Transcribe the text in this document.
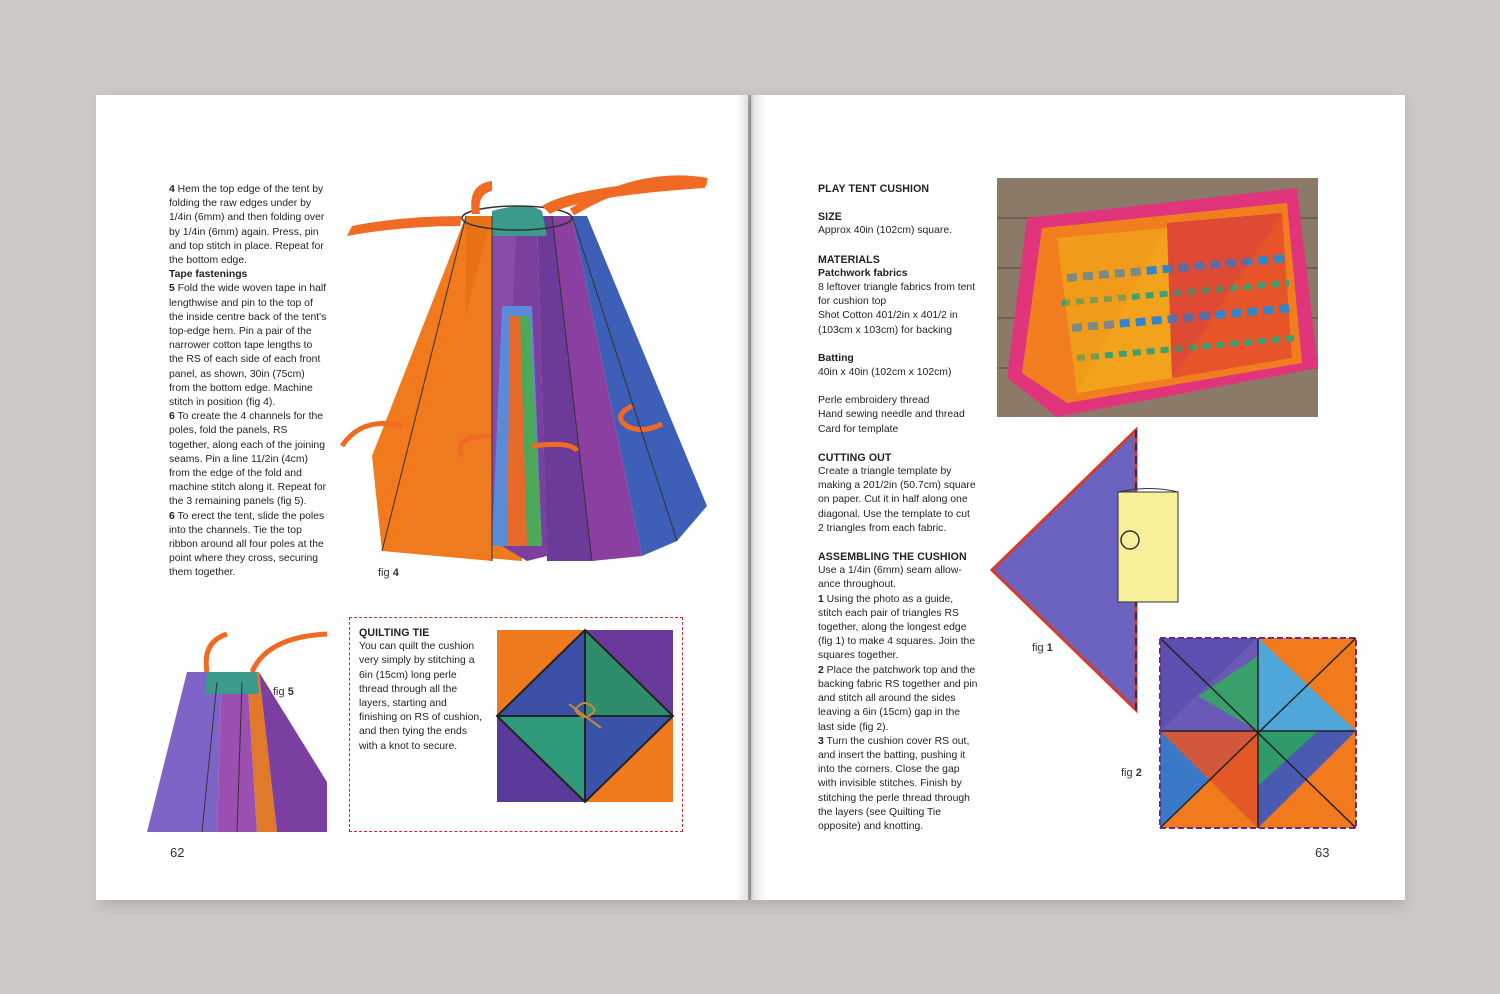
4 Hem the top edge of the tent by folding the raw edges under by 1/4in (6mm) and then folding over by 1/4in (6mm) again. Press, pin and top stitch in place. Repeat for the bottom edge.

Tape fastenings

5 Fold the wide woven tape in half lengthwise and pin to the top of the inside centre back of the tent's top-edge hem. Pin a pair of the narrower cotton tape lengths to the RS of each side of each front panel, as shown, 30in (75cm) from the bottom edge. Machine stitch in position (fig 4).

6 To create the 4 channels for the poles, fold the panels, RS together, along each of the joining seams. Pin a line 11/2in (4cm) from the edge of the fold and machine stitch along it. Repeat for the 3 remaining panels (fig 5).

6 To erect the tent, slide the poles into the channels. Tie the top ribbon around all four poles at the point where they cross, securing them together.	fig 4
fig 5

QUILTING TIE

You can quilt the cushion very simply by stitching a 6in (15cm) long perle thread through all the layers, starting and finishing on RS of cushion, and then tying the ends with a knot to secure.

62

PLAY TENT CUSHION

SIZE

Approx 40in (102cm) square.

MATERIALS

Patchwork fabrics

8 leftover triangle fabrics from tent for cushion top

Shot Cotton 401/2in x 401/2 in (103cm x 103cm) for backing

Batting

40in x 40in (102cm x 102cm)

Perle embroidery thread

Hand sewing needle and thread

Card for template

CUTTING OUT

Create a triangle template by making a 201/2in (50.7cm) square on paper. Cut it in half along one diagonal. Use the template to cut 2 triangles from each fabric.

ASSEMBLING THE CUSHION

Use a 1/4in (6mm) seam allow-ance throughout.

1 Using the photo as a guide, stitch each pair of triangles RS together, along the longest edge (fig 1) to make 4 squares. Join the squares together.

2 Place the patchwork top and the backing fabric RS together and pin and stitch all around the sides leaving a 6in (15cm) gap in the last side (fig 2).

3 Turn the cushion cover RS out, and insert the batting, pushing it into the corners. Close the gap with invisible stitches. Finish by stitching the perle thread through the layers (see Quilting Tie opposite) and knotting.

fig 1
fig 2
63
